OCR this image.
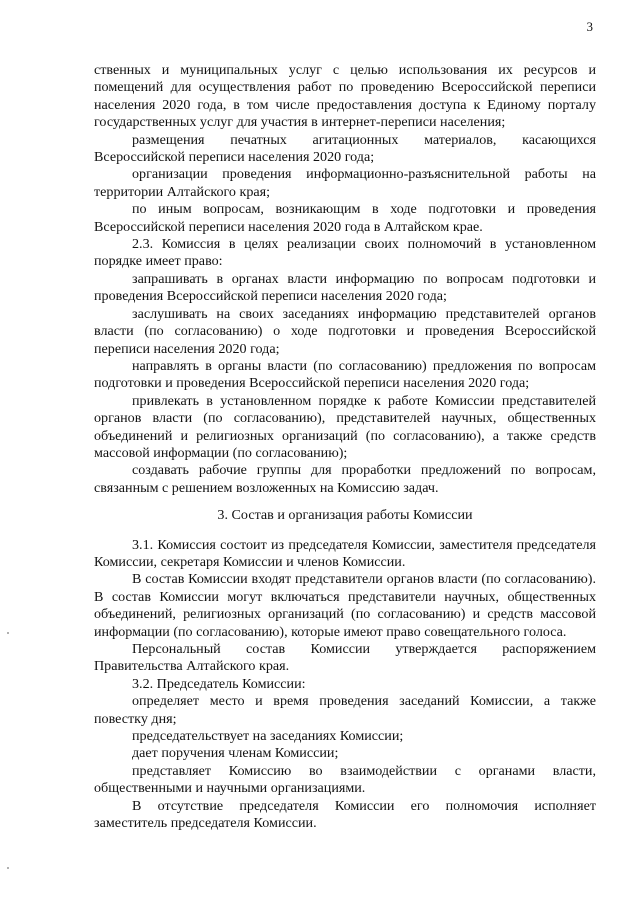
3

ственных и муниципальных услуг с целью использования их ресурсов и помещений для осуществления работ по проведению Всероссийской переписи населения 2020 года, в том числе предоставления доступа к Единому порталу государственных услуг для участия в интернет-переписи населения;

размещения печатных агитационных материалов, касающихся Всероссийской переписи населения 2020 года;

организации проведения информационно-разъяснительной работы на территории Алтайского края;

по иным вопросам, возникающим в ходе подготовки и проведения Всероссийской переписи населения 2020 года в Алтайском крае.

2.3. Комиссия в целях реализации своих полномочий в установленном порядке имеет право:

запрашивать в органах власти информацию по вопросам подготовки и проведения Всероссийской переписи населения 2020 года;

заслушивать на своих заседаниях информацию представителей органов власти (по согласованию) о ходе подготовки и проведения Всероссийской переписи населения 2020 года;

направлять в органы власти (по согласованию) предложения по вопросам подготовки и проведения Всероссийской переписи населения 2020 года;

привлекать в установленном порядке к работе Комиссии представителей органов власти (по согласованию), представителей научных, общественных объединений и религиозных организаций (по согласованию), а также средств массовой информации (по согласованию);

создавать рабочие группы для проработки предложений по вопросам, связанным с решением возложенных на Комиссию задач.

3. Состав и организация работы Комиссии

3.1. Комиссия состоит из председателя Комиссии, заместителя председателя Комиссии, секретаря Комиссии и членов Комиссии.

В состав Комиссии входят представители органов власти (по согласованию). В состав Комиссии могут включаться представители научных, общественных объединений, религиозных организаций (по согласованию) и средств массовой информации (по согласованию), которые имеют право совещательного голоса.

Персональный состав Комиссии утверждается распоряжением Правительства Алтайского края.

3.2. Председатель Комиссии:

определяет место и время проведения заседаний Комиссии, а также повестку дня;

председательствует на заседаниях Комиссии;

дает поручения членам Комиссии;

представляет Комиссию во взаимодействии с органами власти, общественными и научными организациями.

В отсутствие председателя Комиссии его полномочия исполняет заместитель председателя Комиссии.
